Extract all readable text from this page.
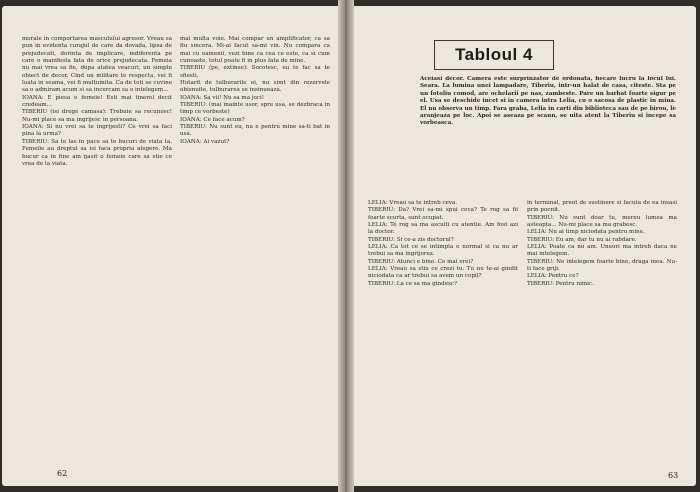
morale in comportarea masculului agresor. Vreau sa pun in evidenta curajul de care da dovada, lipsa de prejudecati, dorinta de implicare, indiferenta pe care o manifesta fata de orice prejudecata. Femeia nu mai vrea sa fie, dupa atatea veacuri, un simplu obiect de decor. Cind un militare te respecta, vei fi luata in seama, vei fi multumita. Ca de toti se cuvine sa o admiram acum si sa incercam sa o intelegem...

IOANA: E piesa o femeie! Esti mai tinerel decit credeam...

TIBERIU (isi drege camasa): Trebuie sa recunosc! Nu-mi place sa ma ingrijesc in persoana.

IOANA: Si nu vrei sa te ingrijesti? Ce vrei sa faci pina la urma?

TIBERIU: Sa te las in pace sa te bucuri de viata ta. Femeile au dreptul sa isi faca propria alegere. Ma bucur ca in fine am gasit o femeie care sa stie ce vrea de la viata.

mai multa voie. Mai compar un amplificator, ca sa fiu sincera. Mi-ai facut sa-mi vin. Nu compara ca mai cu oamenii, vezi bine ca cea ce este, ca si cum cunoaste, totul poate fi in plus fata de mine.

TIBERIU (pe, extinse): Socotesc, eu te fac sa te sfiesti.

Hotarit de tulburarile ei, nu simt din rezervele obisnuite, tulburarea se insinueaza.

IOANA: Sa vii! Nu sa ma joci!

TIBERIU: (mai inainte usor, spre usa, se dezbraca in timp ce vorbeste)

IOANA: Ce face acum?

TIBERIU: Nu sunt eu, nu e pentru mine sa-ti bat in usa.

IOANA: Ai vazut?

62
Tabloul 4
Aceiasi decor. Camera este surprinzator de ordonata, fiecare lucru la locul lui. Seara. La lumina unei lampadare, Tiberiu, intr-un halat de casa, citeste. Sta pe un fotoliu comod, are ochelarii pe nas, zambeste. Pare un barbat foarte sigur pe el. Usa se deschide incet si in camera intra Lelia, cu o sacosa de plastic in mina. El nu observa un timp. Fara graba, Lelia in carti din biblioteca sau de pe birou, le aranjeaza pe loc. Apoi se aseaza pe scaun, se uita atent la Tiberiu si incepe sa vorbeasca.

LELIA: Vreau sa te intreb ceva.

TIBERIU: Da? Vrei sa-mi spui ceva? Te rog sa fii foarte scurta, sunt ocupat.

LELIA: Te rog sa ma asculti cu atentie. Am fost azi la doctor.

TIBERIU: Si ce-a zis doctorul?

LELIA: Ca tot ce se intimpla e normal si ca nu ar trebui sa ma ingrijorez.

TIBERIU: Atunci e bine. Ce mai vrei?

LELIA: Vreau sa stiu ce crezi tu. Tu nu te-ai gindit niciodata ca ar trebui sa avem un copil?

TIBERIU: La ce sa ma gindesc?

in terminal, preot de sustinere si facuta de ea insasi prin pocnit.

TIBERIU: Nu sunt doar tu, mereu lumea ma asteapta... Nu-mi place sa ma grabesc.

LELIA: Nu ai timp niciodata pentru mine.

TIBERIU: Eu am, dar tu nu ai rabdare.

LELIA: Poate ca nu am. Uneori ma intreb daca ne mai intelegem.

TIBERIU: Ne intelegem foarte bine, draga mea. Nu-ti face griji.

LELIA: Pentru ce?

TIBERIU: Pentru nimic.

63
